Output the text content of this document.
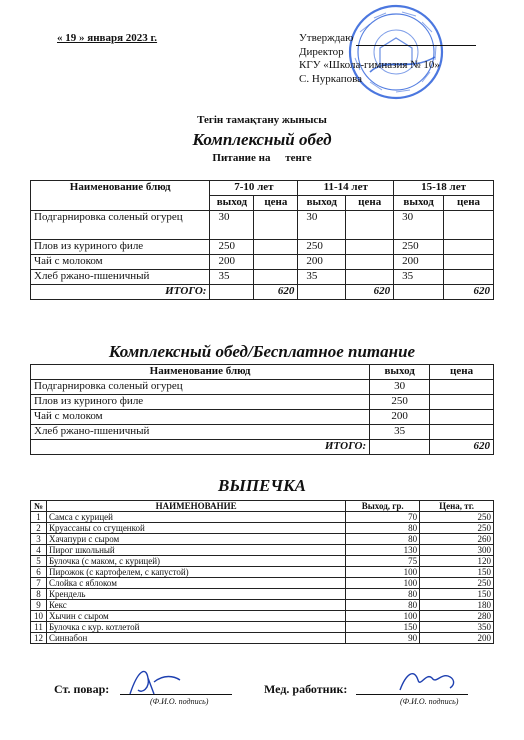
« 19 » января 2023 г.	Утверждаю
Директор
КГУ «Школа-гимназия № 10»
С. Нуркапова
Тегін тамақтану жынысы
Комплексный обед
Питание на тенге
Наименование блюд	7-10 лет		11-14 лет		15-18 лет	
	выход	цена	выход	цена	выход	цена
Подгарнировка соленый огурец	30		30		30	
Плов из куриного филе	250		250		250	
Чай с молоком	200		200		200	
Хлеб ржано-пшеничный	35		35		35	
ИТОГО:		620		620		620
Комплексный обед/Бесплатное питание
Наименование блюд	выход	цена
Подгарнировка соленый огурец	30	
Плов из куриного филе	250	
Чай с молоком	200	
Хлеб ржано-пшеничный	35	
ИТОГО:		620
ВЫПЕЧКА
№	НАИМЕНОВАНИЕ	Выход, гр.	Цена, тг.
1	Самса с курицей	70	250
2	Круассаны со сгущенкой	80	250
3	Хачапури с сыром	80	260
4	Пирог школьный	130	300
5	Булочка (с маком, с курицей)	75	120
6	Пирожок (с картофелем, с капустой)	100	150
7	Слойка с яблоком	100	250
8	Крендель	80	150
9	Кекс	80	180
10	Хычин с сыром	100	280
11	Булочка с кур. котлетой	150	350
12	Синнабон	90	200
Ст. повар:
(Ф.И.О. подпись)
Мед. работник:
(Ф.И.О. подпись)
